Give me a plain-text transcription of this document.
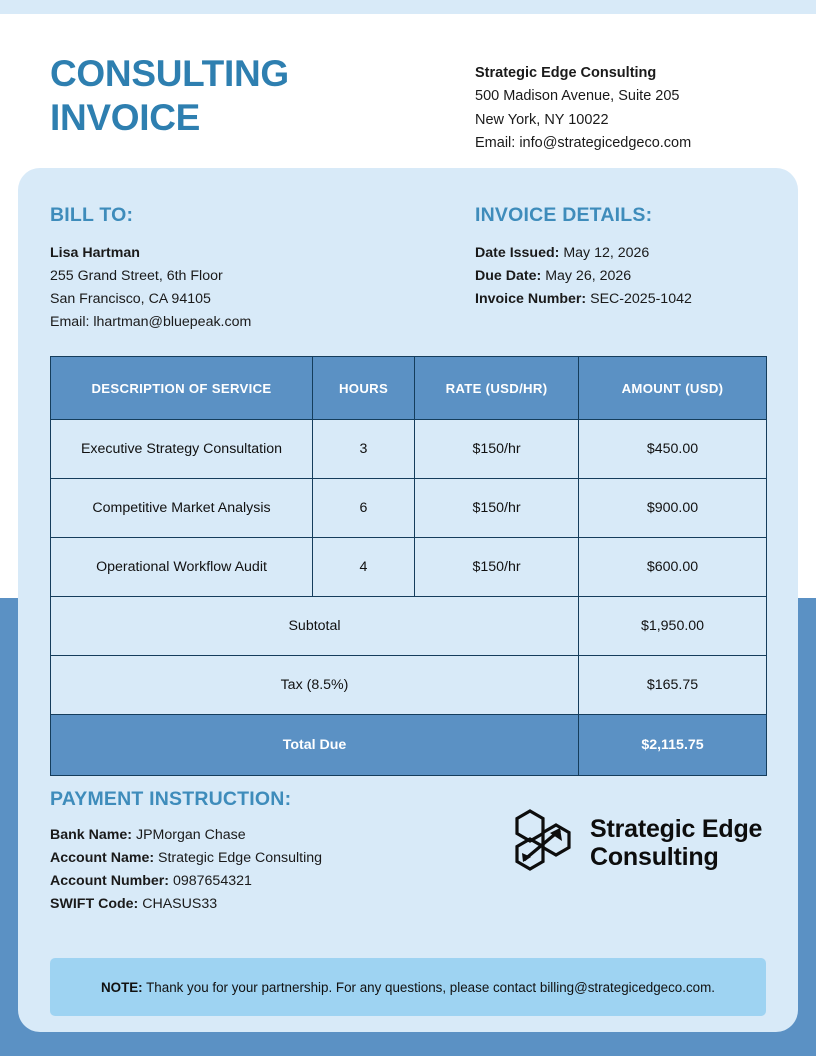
CONSULTING
INVOICE
Strategic Edge Consulting
500 Madison Avenue, Suite 205
New York, NY 10022
Email: info@strategicedgeco.com
BILL TO:
Lisa Hartman
255 Grand Street, 6th Floor
San Francisco, CA 94105
Email: lhartman@bluepeak.com
INVOICE DETAILS:
Date Issued: May 12, 2026
Due Date: May 26, 2026
Invoice Number: SEC-2025-1042
DESCRIPTION OF SERVICE	HOURS	RATE (USD/HR)	AMOUNT (USD)
Executive Strategy Consultation	3	$150/hr	$450.00
Competitive Market Analysis	6	$150/hr	$900.00
Operational Workflow Audit	4	$150/hr	$600.00
Subtotal			$1,950.00
Tax (8.5%)			$165.75
Total Due			$2,115.75
PAYMENT INSTRUCTION:
Bank Name: JPMorgan Chase
Account Name: Strategic Edge Consulting
Account Number: 0987654321
SWIFT Code: CHASUS33
Strategic Edge
Consulting
NOTE: Thank you for your partnership. For any questions, please contact billing@strategicedgeco.com.
